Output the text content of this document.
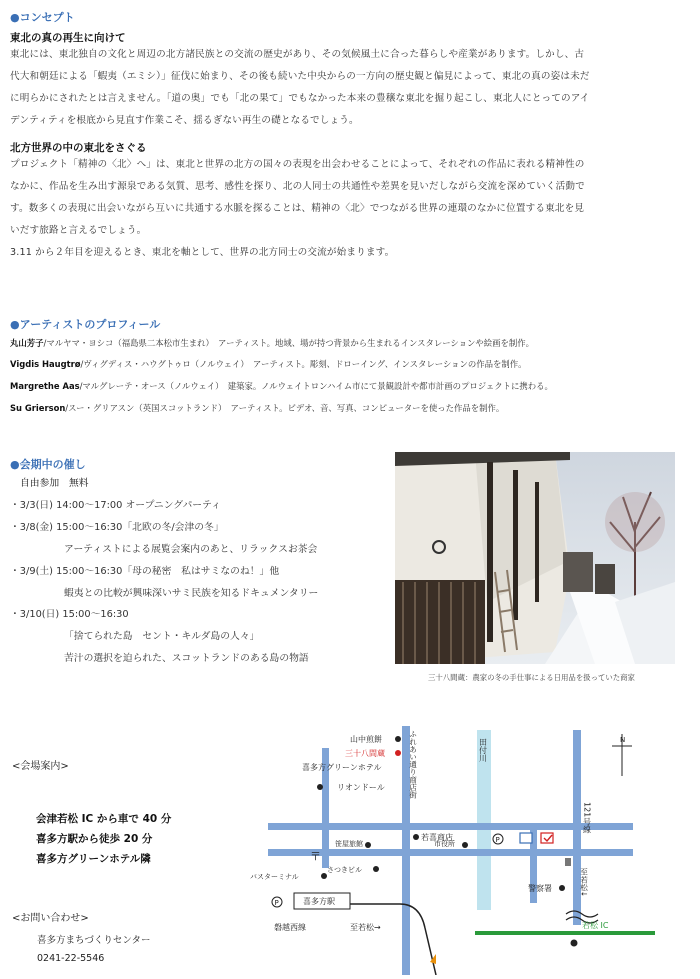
●コンセプト
東北の真の再生に向けて

東北には、東北独自の文化と周辺の北方諸民族との交流の歴史があり、その気候風土に合った暮らしや産業があります。しかし、古

代大和朝廷による「蝦夷（エミシ）」征伐に始まり、その後も続いた中央からの一方向の歴史観と偏見によって、東北の真の姿は未だ

に明らかにされたとは言えません。「道の奥」でも「北の果て」でもなかった本来の豊穣な東北を掘り起こし、東北人にとってのアイ

デンティティを根底から見直す作業こそ、揺るぎない再生の礎となるでしょう。

北方世界の中の東北をさぐる

プロジェクト「精神の〈北〉へ」は、東北と世界の北方の国々の表現を出会わせることによって、それぞれの作品に表れる精神性の

なかに、作品を生み出す源泉である気質、思考、感性を探り、北の人同士の共通性や差異を見いだしながら交流を深めていく活動で

す。数多くの表現に出会いながら互いに共通する水脈を探ることは、精神の〈北〉でつながる世界の連環のなかに位置する東北を見

いだす旅路と言えるでしょう。

3.11 から２年目を迎えるとき、東北を軸として、世界の北方同士の交流が始まります。

●アーティストのプロフィール
丸山芳子/マルヤマ・ヨシコ（福島県二本松市生まれ）　アーティスト。地域、場が持つ背景から生まれるインスタレーションや絵画を制作。
Vigdis Haugtrø/ヴィグディス・ハウグトゥロ（ノルウェイ）　アーティスト。彫刻、ドローイング、インスタレーションの作品を制作。
Margrethe Aas/マルグレーテ・オース（ノルウェイ）　建築家。ノルウェイトロンハイム市にて景観設計や都市計画のプロジェクトに携わる。
Su Grierson/スー・グリアスン（英国スコットランド）　アーティスト。ビデオ、音、写真、コンピューターを使った作品を制作。
●会期中の催し
自由参加　無料
・3/3(日) 14:00～17:00 オープニングパーティ
・3/8(金) 15:00～16:30「北欧の冬/会津の冬」
アーティストによる展覧会案内のあと、リラックスお茶会
・3/9(土) 15:00～16:30「母の秘密　私はサミなのね！」他
蝦夷との比較が興味深いサミ民族を知るドキュメンタリー
・3/10(日) 15:00～16:30
「捨てられた島　セント・キルダ島の人々」
苦汁の選択を迫られた、スコットランドのある島の物語
三十八間蔵：農家の冬の手仕事による日用品を扱っていた商家
<会場案内>
会津若松 IC から車で 40 分
喜多方駅から徒歩 20 分
喜多方グリーンホテル隣
<お問い合わせ>
喜多方まちづくりセンター
0241-22-5546
P
P
〒
山中煎餅
三十八間蔵
喜多方グリーンホテル
リオンドール	ふれあい通り商店街	田付川	N
笹屋旅館	市役所
若喜商店
121号線
さつきビル
バスターミナル
喜多方駅
警察署	至若松↓
磐越西線	至若松→	若松 IC
